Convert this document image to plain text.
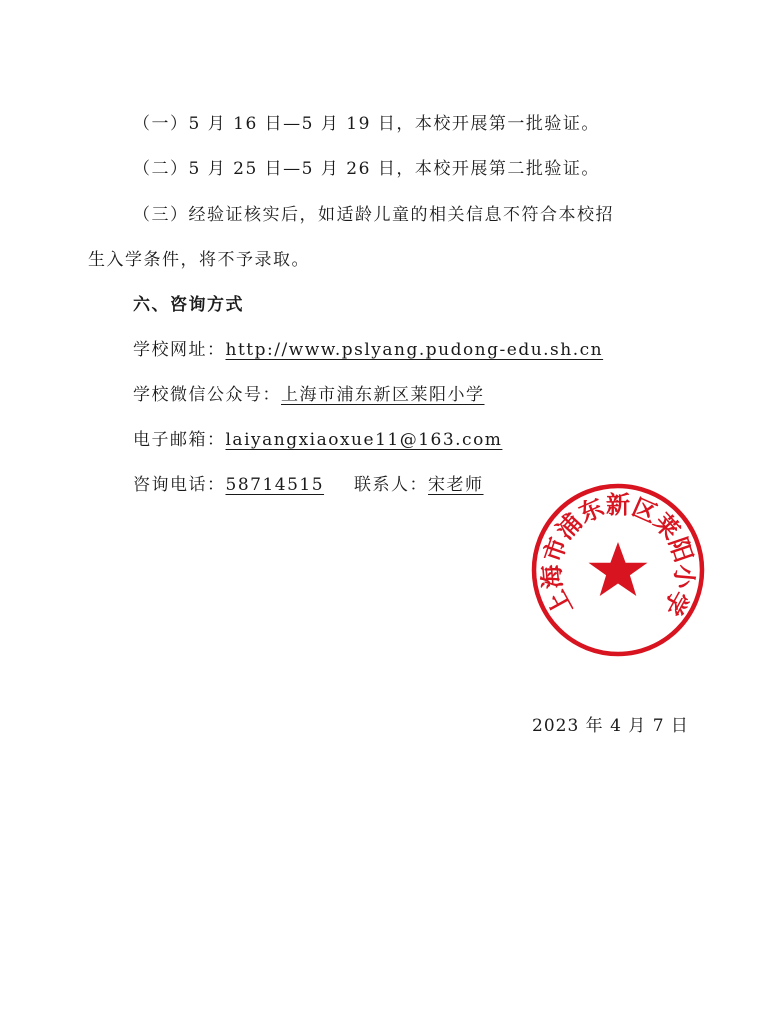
（一）5 月 16 日—5 月 19 日，本校开展第一批验证。
（二）5 月 25 日—5 月 26 日，本校开展第二批验证。
（三）经验证核实后，如适龄儿童的相关信息不符合本校招
生入学条件，将不予录取。
六、咨询方式
学校网址：http://www.pslyang.pudong-edu.sh.cn
学校微信公众号：上海市浦东新区莱阳小学
电子邮箱：laiyangxiaoxue11@163.com
咨询电话：58714515 联系人：宋老师
上海市浦东新区莱阳小学
2023 年 4 月 7 日
